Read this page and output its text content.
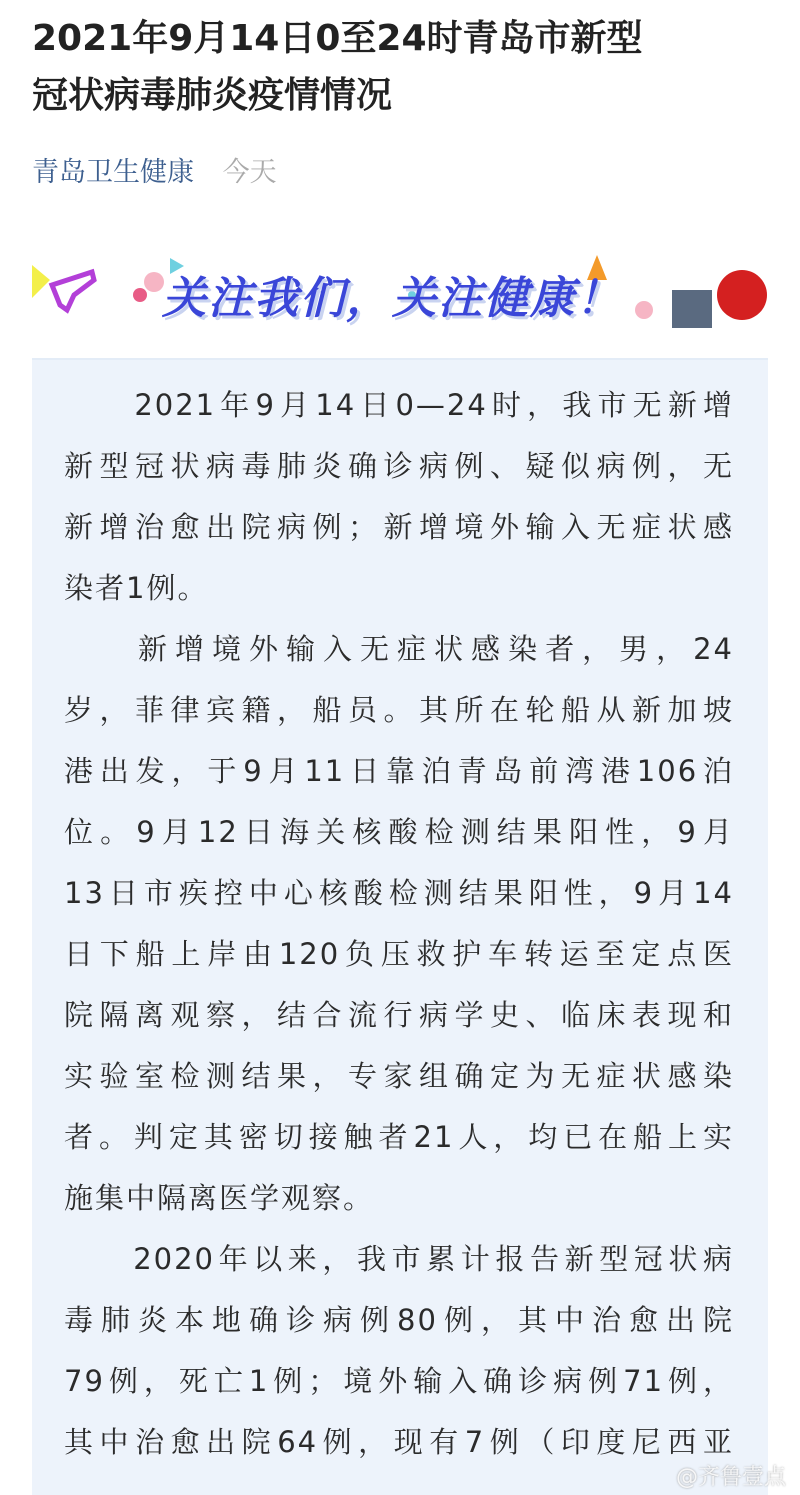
2021年9月14日0至24时青岛市新型
冠状病毒肺炎疫情情况
青岛卫生健康 今天
关注我们，关注健康！
　　2021年9月14日0—24时，我市无新增
新型冠状病毒肺炎确诊病例、疑似病例，无
新增治愈出院病例；新增境外输入无症状感
染者1例。
　　新增境外输入无症状感染者，男，24
岁，菲律宾籍，船员。其所在轮船从新加坡
港出发，于9月11日靠泊青岛前湾港106泊
位。9月12日海关核酸检测结果阳性，9月
13日市疾控中心核酸检测结果阳性，9月14
日下船上岸由120负压救护车转运至定点医
院隔离观察，结合流行病学史、临床表现和
实验室检测结果，专家组确定为无症状感染
者。判定其密切接触者21人，均已在船上实
施集中隔离医学观察。
　　2020年以来，我市累计报告新型冠状病
毒肺炎本地确诊病例80例，其中治愈出院
79例，死亡1例；境外输入确诊病例71例，
其中治愈出院64例，现有7例（印度尼西亚
@齐鲁壹点
